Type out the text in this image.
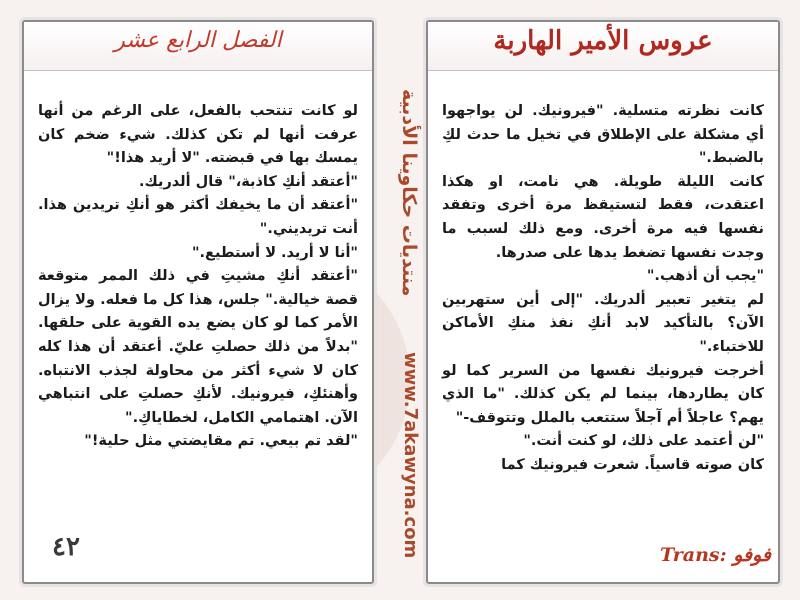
الفصل الرابع عشر

لو كانت تنتحب بالفعل، على الرغم من أنها عرفت أنها لم تكن كذلك. شيء ضخم كان يمسك بها في قبضته. "لا أريد هذا!"

"أعتقد أنكِ كاذبة،" قال ألدريك.

"أعتقد أن ما يخيفك أكثر هو أنكِ تريدين هذا. أنت تريديني."

"أنا لا أريد. لا أستطيع."

"أعتقد أنكِ مشيتِ في ذلك الممر متوقعة قصة خيالية." جلس، هذا كل ما فعله. ولا يزال الأمر كما لو كان يضع يده القوية على حلقها. "بدلاً من ذلك حصلتِ عليّ. أعتقد أن هذا كله كان لا شيء أكثر من محاولة لجذب الانتباه. وأهنئكِ، فيرونيك. لأنكِ حصلتِ على انتباهي الآن. اهتمامي الكامل، لخطاياكِ."

"لقد تم بيعي. تم مقايضتي مثل حلية!"

٤٢
منتديات حكاوينا الأدبية
www.7akawyna.com
عروس الأمير الهاربة

كانت نظرته متسلية. "فيرونيك. لن يواجهوا أي مشكلة على الإطلاق في تخيل ما حدث لكِ بالضبط."

كانت الليلة طويلة. هي نامت، او هكذا اعتقدت، فقط لتستيقظ مرة أخرى وتفقد نفسها فيه مرة أخرى. ومع ذلك لسبب ما وجدت نفسها تضغط يدها على صدرها.

"يجب أن أذهب."

لم يتغير تعبير ألدريك. "إلى أين ستهربين الآن؟ بالتأكيد لابد أنكِ نفذ منكِ الأماكن للاختباء."

أخرجت فيرونيك نفسها من السرير كما لو كان يطاردها، بينما لم يكن كذلك. "ما الذي يهم؟ عاجلاً أم آجلاً ستتعب بالملل وتتوقف-"

"لن أعتمد على ذلك، لو كنت أنت."

كان صوته قاسياً. شعرت فيرونيك كما

Trans: فوفو
